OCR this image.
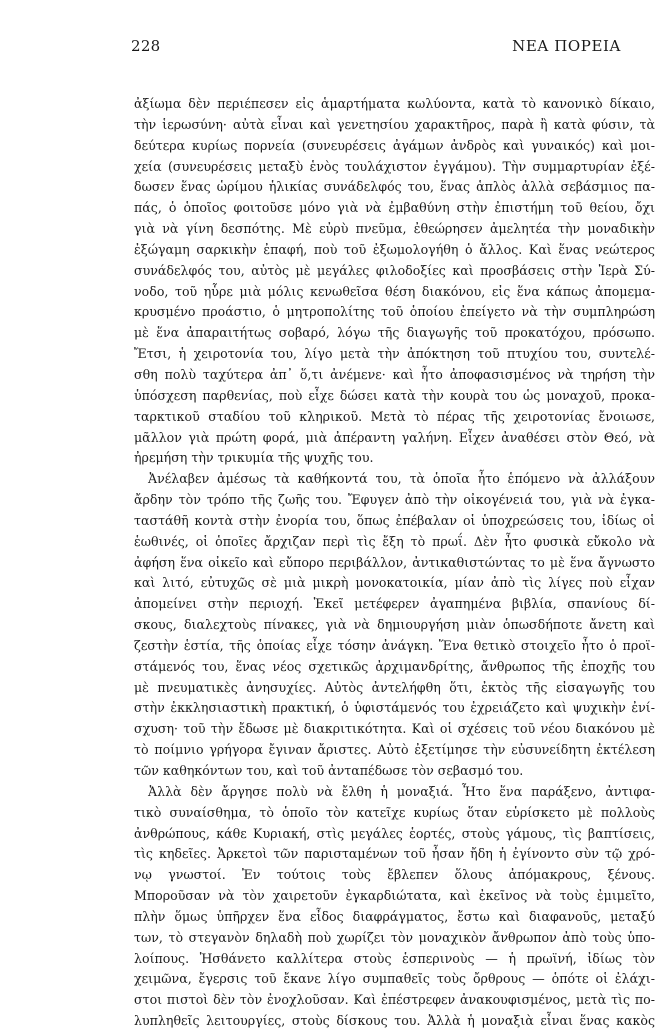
228	ΝΕΑ ΠΟΡΕΙΑ
ἀξίωμα δὲν περιέπεσεν εἰς ἁμαρτήματα κωλύοντα, κατὰ τὸ κανονικὸ δίκαιο,
τὴν ἱερωσύνη· αὐτὰ εἶναι καὶ γενετησίου χαρακτῆρος, παρὰ ἢ κατὰ φύσιν, τὰ
δεύτερα κυρίως πορνεία (συνευρέσεις ἀγάμων ἀνδρὸς καὶ γυναικός) καὶ μοι-
χεία (συνευρέσεις μεταξὺ ἑνὸς τουλάχιστον ἐγγάμου). Τὴν συμμαρτυρίαν ἐξέ-
δωσεν ἕνας ὡρίμου ἡλικίας συνάδελφός του, ἕνας ἁπλὸς ἀλλὰ σεβάσμιος πα-
πάς, ὁ ὁποῖος φοιτοῦσε μόνο γιὰ νὰ ἐμβαθύνη στὴν ἐπιστήμη τοῦ θείου, ὄχι
γιὰ νὰ γίνη δεσπότης. Μὲ εὐρὺ πνεῦμα, ἐθεώρησεν ἀμελητέα τὴν μοναδικὴν
ἐξώγαμη σαρκικὴν ἐπαφή, ποὺ τοῦ ἐξωμολογήθη ὁ ἄλλος. Καὶ ἕνας νεώτερος
συνάδελφός του, αὐτὸς μὲ μεγάλες φιλοδοξίες καὶ προσβάσεις στὴν Ἱερὰ Σύ-
νοδο, τοῦ ηὗρε μιὰ μόλις κενωθεῖσα θέση διακόνου, εἰς ἕνα κάπως ἀπομεμα-
κρυσμένο προάστιο, ὁ μητροπολίτης τοῦ ὁποίου ἐπείγετο νὰ τὴν συμπληρώση
μὲ ἕνα ἀπαραιτήτως σοβαρό, λόγω τῆς διαγωγῆς τοῦ προκατόχου, πρόσωπο.
Ἔτσι, ἡ χειροτονία του, λίγο μετὰ τὴν ἀπόκτηση τοῦ πτυχίου του, συντελέ-
σθη πολὺ ταχύτερα ἀπ᾿ ὅ,τι ἀνέμενε· καὶ ἦτο ἀποφασισμένος νὰ τηρήση τὴν
ὑπόσχεση παρθενίας, ποὺ εἶχε δώσει κατὰ τὴν κουρὰ του ὡς μοναχοῦ, προκα-
ταρκτικοῦ σταδίου τοῦ κληρικοῦ. Μετὰ τὸ πέρας τῆς χειροτονίας ἔνοιωσε,
μᾶλλον γιὰ πρώτη φορά, μιὰ ἀπέραντη γαλήνη. Εἶχεν ἀναθέσει στὸν Θεό, νὰ
ἠρεμήση τὴν τρικυμία τῆς ψυχῆς του.
Ἀνέλαβεν ἀμέσως τὰ καθήκοντά του, τὰ ὁποῖα ἦτο ἑπόμενο νὰ ἀλλάξουν
ἄρδην τὸν τρόπο τῆς ζωῆς του. Ἔφυγεν ἀπὸ τὴν οἰκογένειά του, γιὰ νὰ ἐγκα-
ταστάθῆ κοντὰ στὴν ἐνορία του, ὅπως ἐπέβαλαν οἱ ὑποχρεώσεις του, ἰδίως οἱ
ἑωθινές, οἱ ὁποῖες ἄρχιζαν περὶ τὶς ἔξη τὸ πρωΐ. Δὲν ἦτο φυσικὰ εὔκολο νὰ
ἀφήση ἕνα οἰκεῖο καὶ εὔπορο περιβάλλον, ἀντικαθιστώντας το μὲ ἕνα ἄγνωστο
καὶ λιτό, εὐτυχῶς σὲ μιὰ μικρὴ μονοκατοικία, μίαν ἀπὸ τὶς λίγες ποὺ εἶχαν
ἀπομείνει στὴν περιοχή. Ἐκεῖ μετέφερεν ἀγαπημένα βιβλία, σπανίους δί-
σκους, διαλεχτοὺς πίνακες, γιὰ νὰ δημιουργήση μιὰν ὁπωσδήποτε ἄνετη καὶ
ζεστὴν ἑστία, τῆς ὁποίας εἶχε τόσην ἀνάγκη. Ἕνα θετικὸ στοιχεῖο ἦτο ὁ προϊ-
στάμενός του, ἕνας νέος σχετικῶς ἀρχιμανδρίτης, ἄνθρωπος τῆς ἐποχῆς του
μὲ πνευματικὲς ἀνησυχίες. Αὐτὸς ἀντελήφθη ὅτι, ἐκτὸς τῆς εἰσαγωγῆς του
στὴν ἐκκλησιαστικὴ πρακτική, ὁ ὑφιστάμενός του ἐχρειάζετο καὶ ψυχικὴν ἐνί-
σχυση· τοῦ τὴν ἔδωσε μὲ διακριτικότητα. Καὶ οἱ σχέσεις τοῦ νέου διακόνου μὲ
τὸ ποίμνιο γρήγορα ἔγιναν ἄριστες. Αὐτὸ ἐξετίμησε τὴν εὐσυνείδητη ἐκτέλεση
τῶν καθηκόντων του, καὶ τοῦ ἀνταπέδωσε τὸν σεβασμό του.
Ἀλλὰ δὲν ἄργησε πολὺ νὰ ἔλθη ἡ μοναξιά. Ἦτο ἕνα παράξενο, ἀντιφα-
τικὸ συναίσθημα, τὸ ὁποῖο τὸν κατεῖχε κυρίως ὅταν εὑρίσκετο μὲ πολλοὺς
ἀνθρώπους, κάθε Κυριακή, στὶς μεγάλες ἑορτές, στοὺς γάμους, τὶς βαπτίσεις,
τὶς κηδεῖες. Ἀρκετοὶ τῶν παρισταμένων τοῦ ἦσαν ἤδη ἡ ἐγίνοντο σὺν τῷ χρό-
νῳ γνωστοί. Ἐν τούτοις τοὺς ἔβλεπεν ὅλους ἀπόμακρους, ξένους.
Μποροῦσαν νὰ τὸν χαιρετοῦν ἐγκαρδιώτατα, καὶ ἐκεῖνος νὰ τοὺς ἐμιμεῖτο,
πλὴν ὅμως ὑπῆρχεν ἕνα εἶδος διαφράγματος, ἔστω καὶ διαφανοῦς, μεταξύ
των, τὸ στεγανὸν δηλαδὴ ποὺ χωρίζει τὸν μοναχικὸν ἄνθρωπον ἀπὸ τοὺς ὑπο-
λοίπους. Ἠσθάνετο καλλίτερα στοὺς ἑσπερινοὺς — ἡ πρωϊνή, ἰδίως τὸν
χειμῶνα, ἔγερσις τοῦ ἔκανε λίγο συμπαθεῖς τοὺς ὄρθρους — ὁπότε οἱ ἐλάχι-
στοι πιστοὶ δὲν τὸν ἐνοχλοῦσαν. Καὶ ἐπέστρεφεν ἀνακουφισμένος, μετὰ τὶς πο-
λυπληθεῖς λειτουργίες, στοὺς δίσκους του. Ἀλλὰ ἡ μοναξιὰ εἶναι ἕνας κακὸς
